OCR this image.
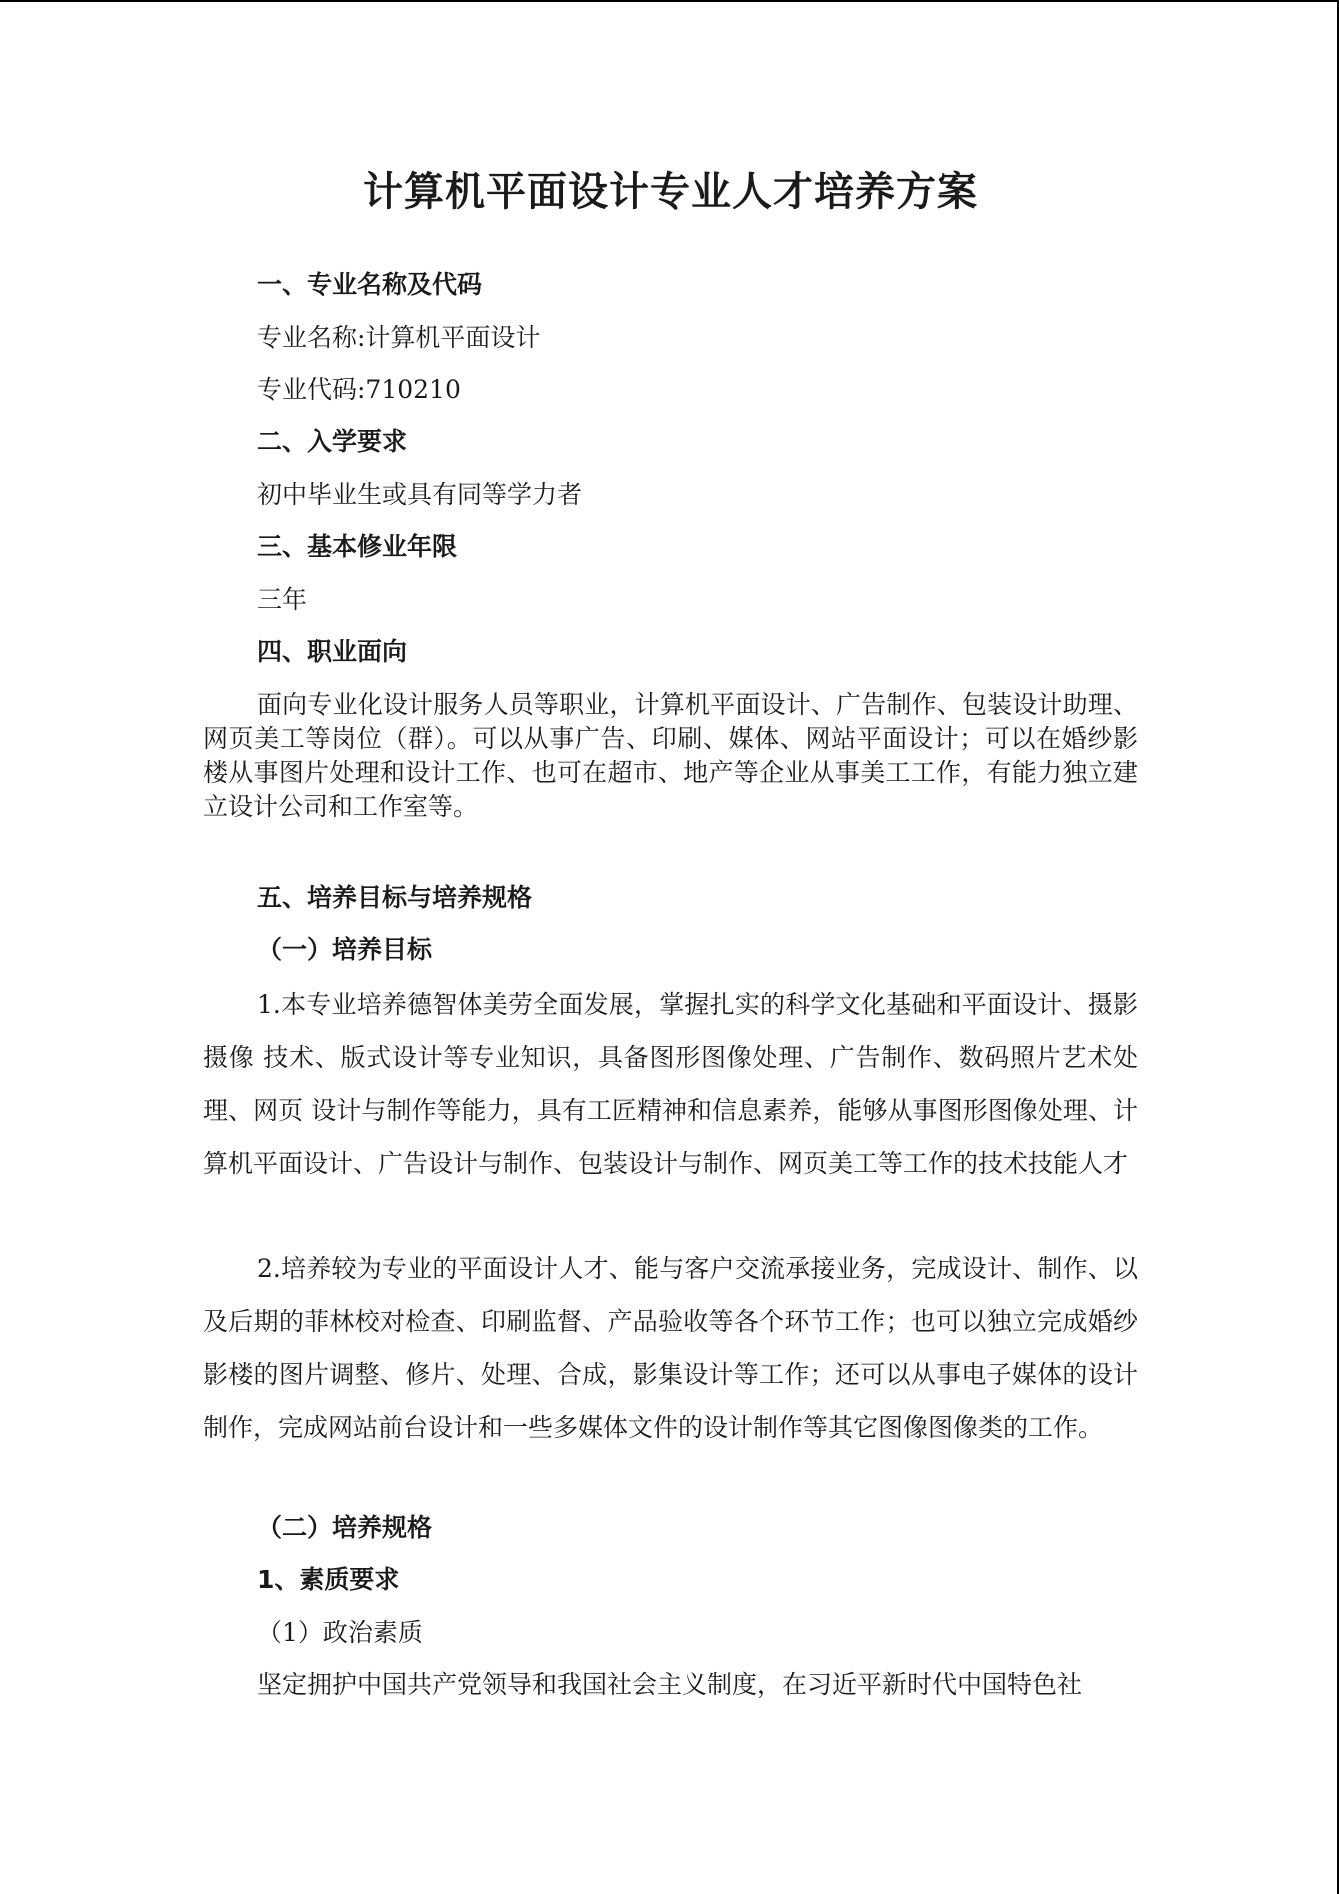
计算机平面设计专业人才培养方案
一、专业名称及代码
专业名称:计算机平面设计
专业代码:710210
二、入学要求
初中毕业生或具有同等学力者
三、基本修业年限
三年
四、职业面向
面向专业化设计服务人员等职业，计算机平面设计、广告制作、包装设计助理、网页美工等岗位（群）。可以从事广告、印刷、媒体、网站平面设计；可以在婚纱影楼从事图片处理和设计工作、也可在超市、地产等企业从事美工工作，有能力独立建立设计公司和工作室等。
五、培养目标与培养规格
（一）培养目标
1.本专业培养德智体美劳全面发展，掌握扎实的科学文化基础和平面设计、摄影摄像 技术、版式设计等专业知识，具备图形图像处理、广告制作、数码照片艺术处理、网页 设计与制作等能力，具有工匠精神和信息素养，能够从事图形图像处理、计算机平面设计、广告设计与制作、包装设计与制作、网页美工等工作的技术技能人才
2.培养较为专业的平面设计人才、能与客户交流承接业务，完成设计、制作、以及后期的菲林校对检查、印刷监督、产品验收等各个环节工作；也可以独立完成婚纱影楼的图片调整、修片、处理、合成，影集设计等工作；还可以从事电子媒体的设计制作，完成网站前台设计和一些多媒体文件的设计制作等其它图像图像类的工作。
（二）培养规格
1、素质要求
（1）政治素质
坚定拥护中国共产党领导和我国社会主义制度，在习近平新时代中国特色社
